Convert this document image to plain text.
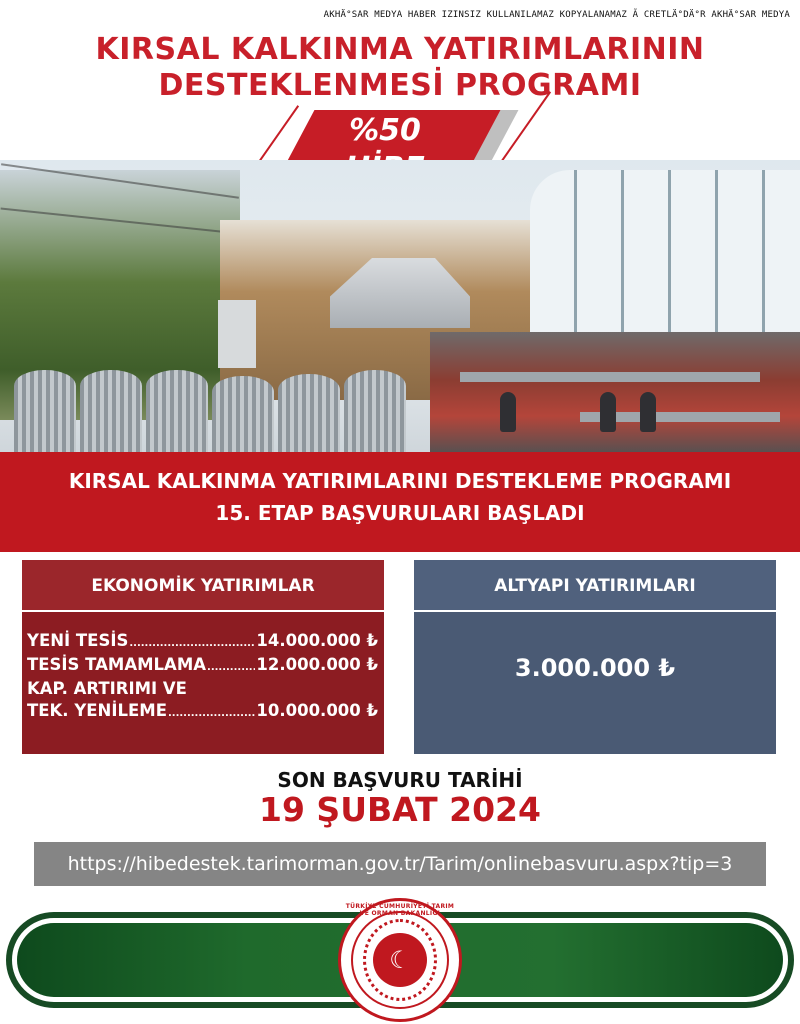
AKHÄ°SAR MEDYA HABER IZINSIZ KULLANILAMAZ KOPYALANAMAZ Ã CRETLÄ°DÄ°R AKHÄ°SAR MEDYA
KIRSAL KALKINMA YATIRIMLARININ
DESTEKLENMESİ PROGRAMI
%50
KIRSAL KALKINMA YATIRIMLARINI DESTEKLEME PROGRAMI
15. ETAP BAŞVURULARI BAŞLADI
EKONOMİK YATIRIMLAR
YENİ TESİS .....	14.000.000 ₺
TESİS TAMAMLAMA .....	12.000.000 ₺
KAP. ARTIRIMI VE
TEK. YENİLEME .....	10.000.000 ₺
ALTYAPI YATIRIMLARI
3.000.000 ₺
SON BAŞVURU TARİHİ
19 ŞUBAT 2024
https://hibedestek.tarimorman.gov.tr/Tarim/onlinebasvuru.aspx?tip=3
TÜRKİYE CUMHURİYETİ TARIM VE ORMAN BAKANLIĞI
☾
